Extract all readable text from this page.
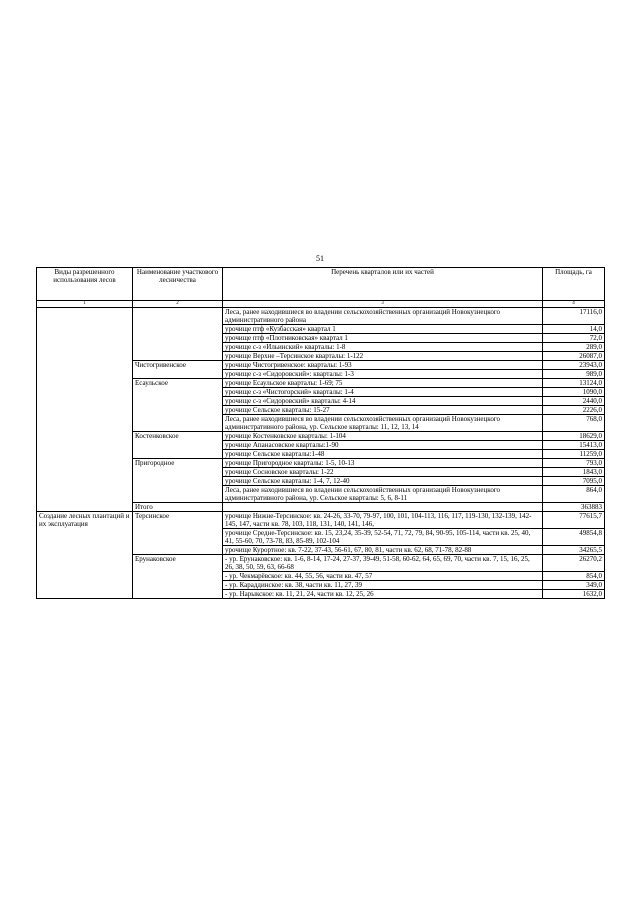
51
Виды разрешенного использования лесов	Наименование участкового лесничества	Перечень кварталов или их частей	Площадь, га
1	2	3	4
		Леса, ранее находившиеся во владении сельскохозяйственных организаций Новокузнецкого административного района	17116,0
		урочище птф «Кузбасская» квартал 1	14,0
		урочище птф «Плотниковская» квартал 1	72,0
		урочище с-з «Ильинский» кварталы: 1-8	289,0
		урочище Верхне –Терсинское кварталы: 1-122	26087,0
	Чистогривенское	урочище Чистогривенское: кварталы: 1-93	23943,0
		урочище с-з «Сидоровский»: кварталы: 1-3	989,0
	Есаульское	урочище Есаульское кварталы: 1-69; 75	13124,0
		урочище с-з «Чистогорский» кварталы: 1-4	1090,0
		урочище с-з «Сидоровский» кварталы: 4-14	2440,0
		урочище Сельское кварталы: 15-27	2226,0
		Леса, ранее находившиеся во владении сельскохозяйственных организаций Новокузнецкого административного района, ур. Сельское кварталы: 11, 12, 13, 14	768,0
	Костенковское	урочище Костенковское кварталы: 1-104	18629,0
		урочище Апанасовское кварталы:1-90	15413,0
		урочище Сельское кварталы:1-48	11259,0
	Пригородное	урочище Пригородное кварталы: 1-5, 10-13	793,0
		урочище Сосновское кварталы: 1-22	1843,0
		урочище Сельское кварталы: 1-4, 7, 12-40	7095,0
		Леса, ранее находившиеся во владении сельскохозяйственных организаций Новокузнецкого административного района, ур. Сельское кварталы: 5, 6, 8-11	864,0
	Итого		363883
Создание лесных плантаций и их эксплуатация	Терсинское	урочище Нижне-Терсинское: кв. 24-26, 33-70, 79-97, 100, 101, 104-113, 116, 117, 119-130, 132-139, 142-145, 147, части кв. 78, 103, 118, 131, 140, 141, 146,	77615,7
		урочище Средне-Терсинское: кв. 15, 23,24, 35-39, 52-54, 71, 72, 79, 84, 90-95, 105-114, части кв. 25, 40, 41, 55-60, 70, 73-78, 83, 85-89, 102-104	49854,8
		урочище Курортное: кв. 7-22, 37-43, 56-61, 67, 80, 81, части кв. 62, 68, 71-78, 82-88	34265,5
	Ерунаковское	- ур. Ерунаковское: кв. 1-6, 8-14, 17-24, 27-37, 39-49, 51-58, 60-62, 64, 65, 69, 70, части кв. 7, 15, 16, 25, 26, 38, 50, 59, 63, 66-68	26270,2
		- ур. Чекмарёвское: кв. 44, 55, 56, части кв. 47, 57	854,0
		- ур. Караддинское: кв. 38, части кв. 11, 27, 39	349,0
		- ур. Нарыкское: кв. 11, 21, 24, части кв. 12, 25, 26	1632,0
